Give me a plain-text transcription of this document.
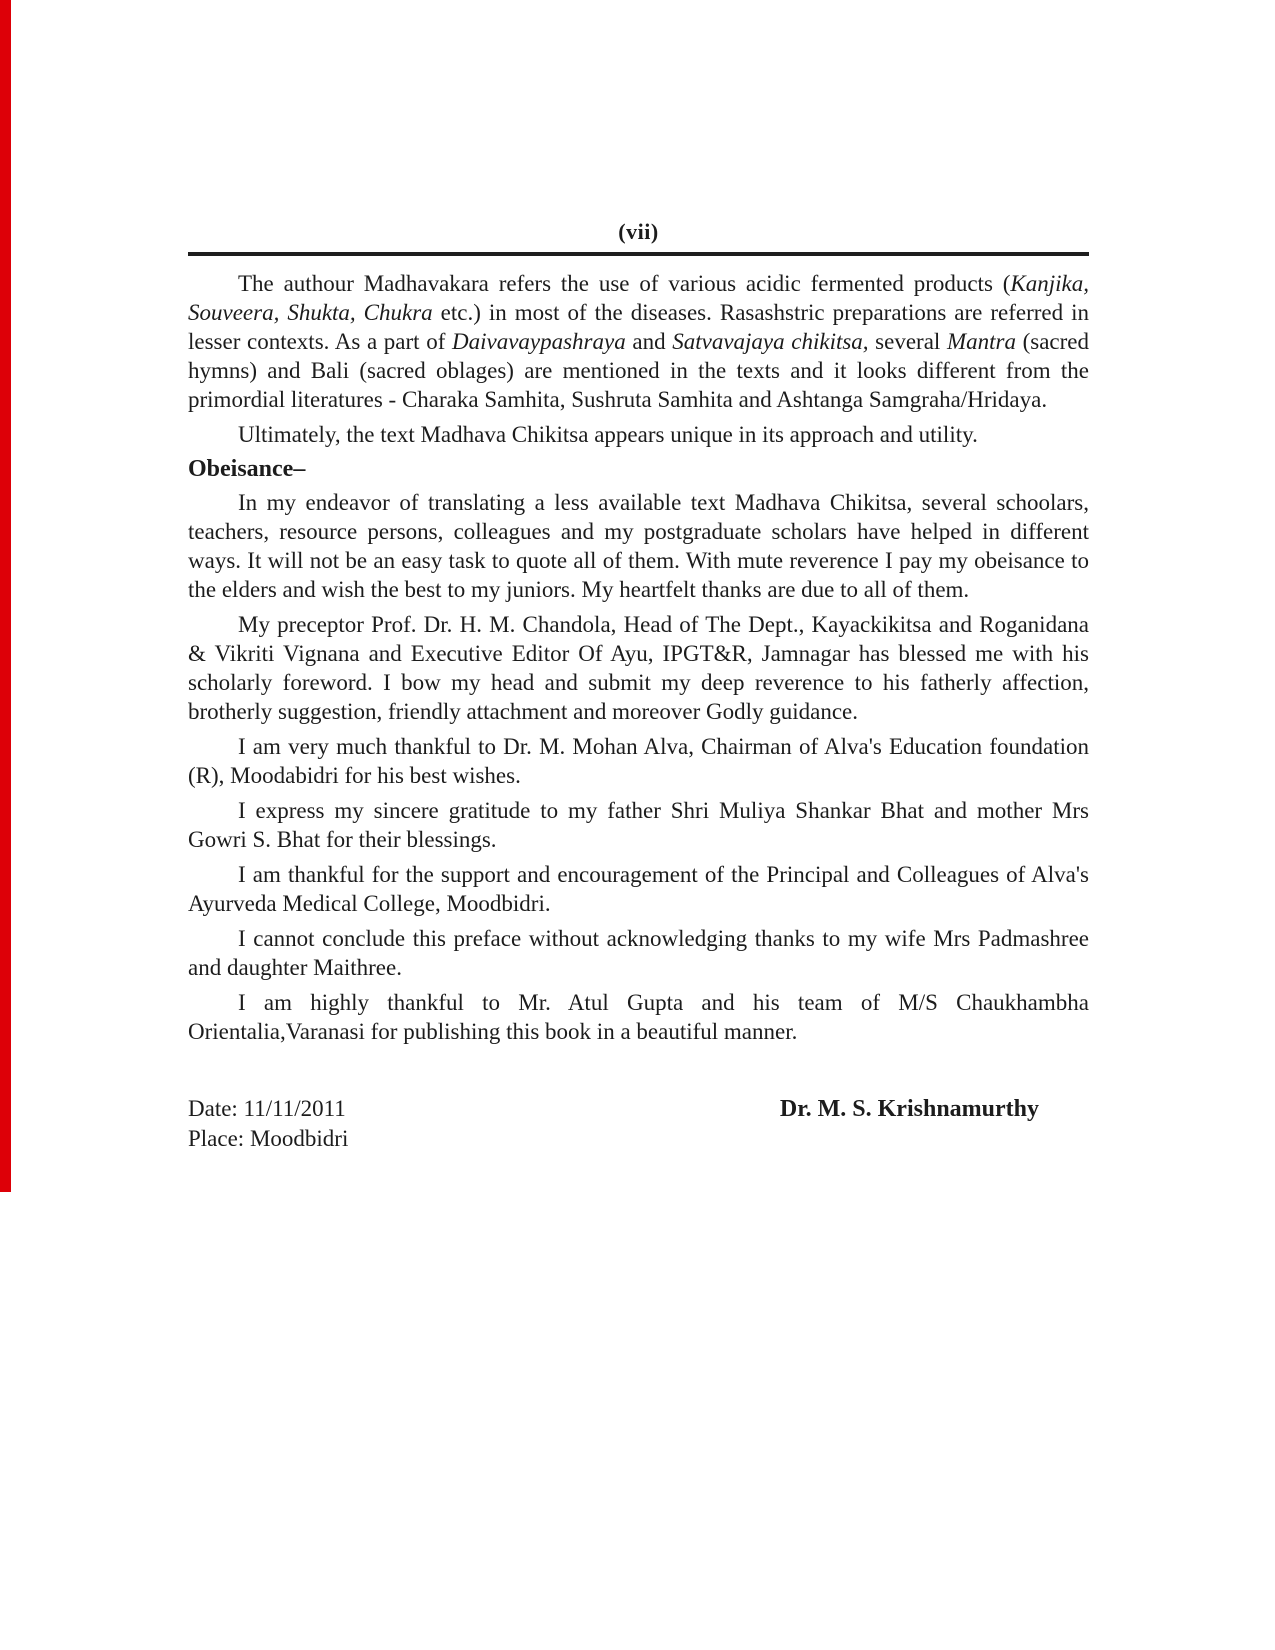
(vii)

The authour Madhavakara refers the use of various acidic fermented products (Kanjika, Souveera, Shukta, Chukra etc.) in most of the diseases. Rasashstric preparations are referred in lesser contexts. As a part of Daivavaypashraya and Satvavajaya chikitsa, several Mantra (sacred hymns) and Bali (sacred oblages) are mentioned in the texts and it looks different from the primordial literatures - Charaka Samhita, Sushruta Samhita and Ashtanga Samgraha/Hridaya.

Ultimately, the text Madhava Chikitsa appears unique in its approach and utility.

Obeisance–

In my endeavor of translating a less available text Madhava Chikitsa, several schoolars, teachers, resource persons, colleagues and my postgraduate scholars have helped in different ways. It will not be an easy task to quote all of them. With mute reverence I pay my obeisance to the elders and wish the best to my juniors. My heartfelt thanks are due to all of them.

My preceptor Prof. Dr. H. M. Chandola, Head of The Dept., Kayackikitsa and Roganidana & Vikriti Vignana and Executive Editor Of Ayu, IPGT&R, Jamnagar has blessed me with his scholarly foreword. I bow my head and submit my deep reverence to his fatherly affection, brotherly suggestion, friendly attachment and moreover Godly guidance.

I am very much thankful to Dr. M. Mohan Alva, Chairman of Alva's Education foundation (R), Moodabidri for his best wishes.

I express my sincere gratitude to my father Shri Muliya Shankar Bhat and mother Mrs Gowri S. Bhat for their blessings.

I am thankful for the support and encouragement of the Principal and Colleagues of Alva's Ayurveda Medical College, Moodbidri.

I cannot conclude this preface without acknowledging thanks to my wife Mrs Padmashree and daughter Maithree.

I am highly thankful to Mr. Atul Gupta and his team of M/S Chaukhambha Orientalia,Varanasi for publishing this book in a beautiful manner.

Date: 11/11/2011
Place: Moodbidri
Dr. M. S. Krishnamurthy
